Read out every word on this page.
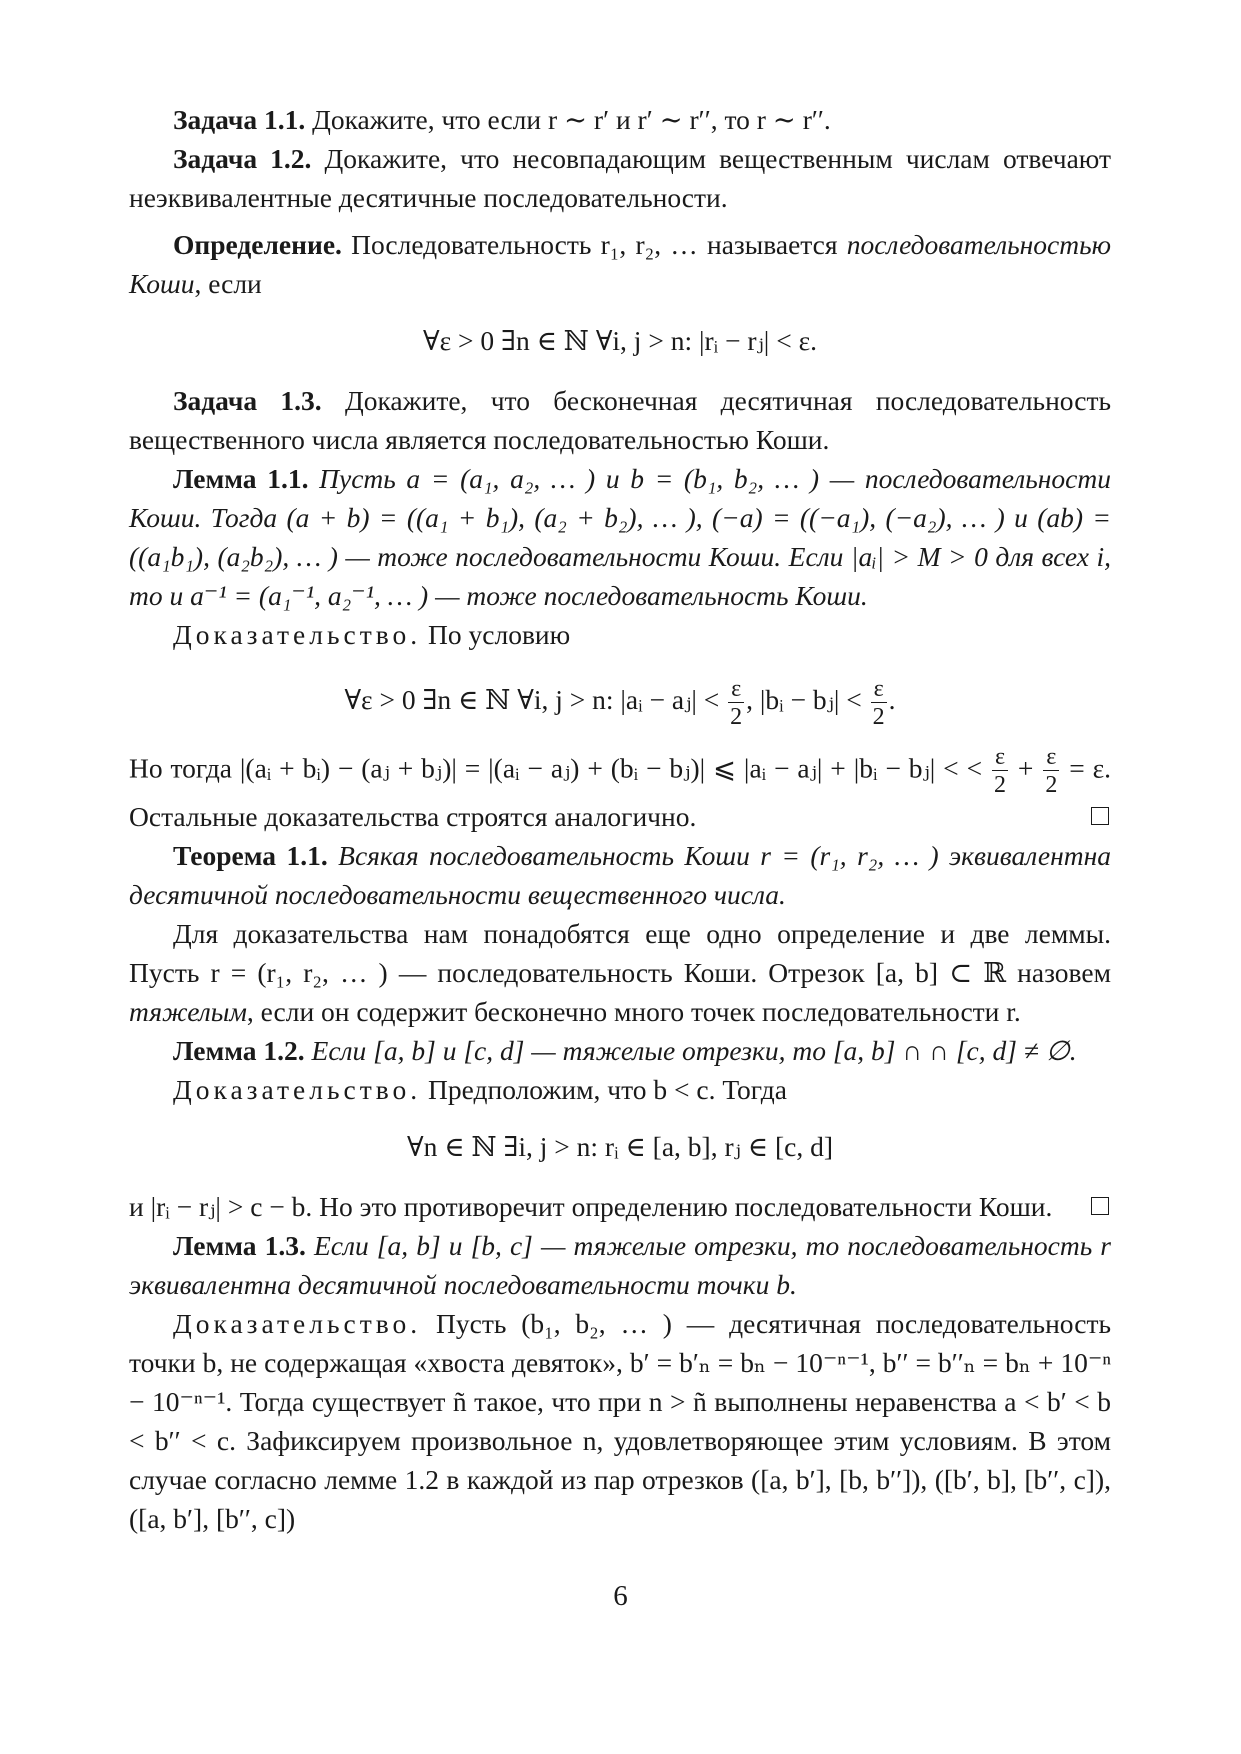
Задача 1.1. Докажите, что если r ∼ r′ и r′ ∼ r′′, то r ∼ r′′.

Задача 1.2. Докажите, что несовпадающим вещественным числам отвечают неэквивалентные десятичные последовательности.

Определение. Последовательность r₁, r₂, … называется последовательностью Коши, если

∀ε > 0 ∃n ∈ ℕ ∀i, j > n: |rᵢ − rⱼ| < ε.

Задача 1.3. Докажите, что бесконечная десятичная последовательность вещественного числа является последовательностью Коши.

Лемма 1.1. Пусть a = (a₁, a₂, … ) и b = (b₁, b₂, … ) — последовательности Коши. Тогда (a + b) = ((a₁ + b₁), (a₂ + b₂), … ), (−a) = ((−a₁), (−a₂), … ) и (ab) = ((a₁b₁), (a₂b₂), … ) — тоже последовательности Коши. Если |aᵢ| > M > 0 для всех i, то и a⁻¹ = (a₁⁻¹, a₂⁻¹, … ) — тоже последовательность Коши.

Доказательство. По условию

∀ε > 0 ∃n ∈ ℕ ∀i, j > n: |aᵢ − aⱼ| < $\frac{\varepsilon}{2}$ , |bᵢ − bⱼ| < $\frac{\varepsilon}{2}$ .

Но тогда |(aᵢ + bᵢ) − (aⱼ + bⱼ)| = |(aᵢ − aⱼ) + (bᵢ − bⱼ)| ⩽ |aᵢ − aⱼ| + |bᵢ − bⱼ| < < $\frac{\varepsilon}{2} + \frac{\varepsilon}{2} = \varepsilon$. Остальные доказательства строятся аналогично.

Теорема 1.1. Всякая последовательность Коши r = (r₁, r₂, … ) эквивалентна десятичной последовательности вещественного числа.

Для доказательства нам понадобятся еще одно определение и две леммы. Пусть r = (r₁, r₂, … ) — последовательность Коши. Отрезок [a, b] ⊂ ℝ назовем тяжелым, если он содержит бесконечно много точек последовательности r.

Лемма 1.2. Если [a, b] и [c, d] — тяжелые отрезки, то [a, b] ∩ ∩ [c, d] ≠ ∅.

Доказательство. Предположим, что b < c. Тогда

∀n ∈ ℕ ∃i, j > n: rᵢ ∈ [a, b], rⱼ ∈ [c, d]

и |rᵢ − rⱼ| > c − b. Но это противоречит определению последовательности Коши.

Лемма 1.3. Если [a, b] и [b, c] — тяжелые отрезки, то последовательность r эквивалентна десятичной последовательности точки b.

Доказательство. Пусть (b₁, b₂, … ) — десятичная последовательность точки b, не содержащая «хвоста девяток», b′ = b′ₙ = bₙ − 10⁻ⁿ⁻¹, b′′ = b′′ₙ = bₙ + 10⁻ⁿ − 10⁻ⁿ⁻¹. Тогда существует ñ такое, что при n > ñ выполнены неравенства a < b′ < b < b′′ < c. Зафиксируем произвольное n, удовлетворяющее этим условиям. В этом случае согласно лемме 1.2 в каждой из пар отрезков ([a, b′], [b, b′′]), ([b′, b], [b′′, c]), ([a, b′], [b′′, c])

6
